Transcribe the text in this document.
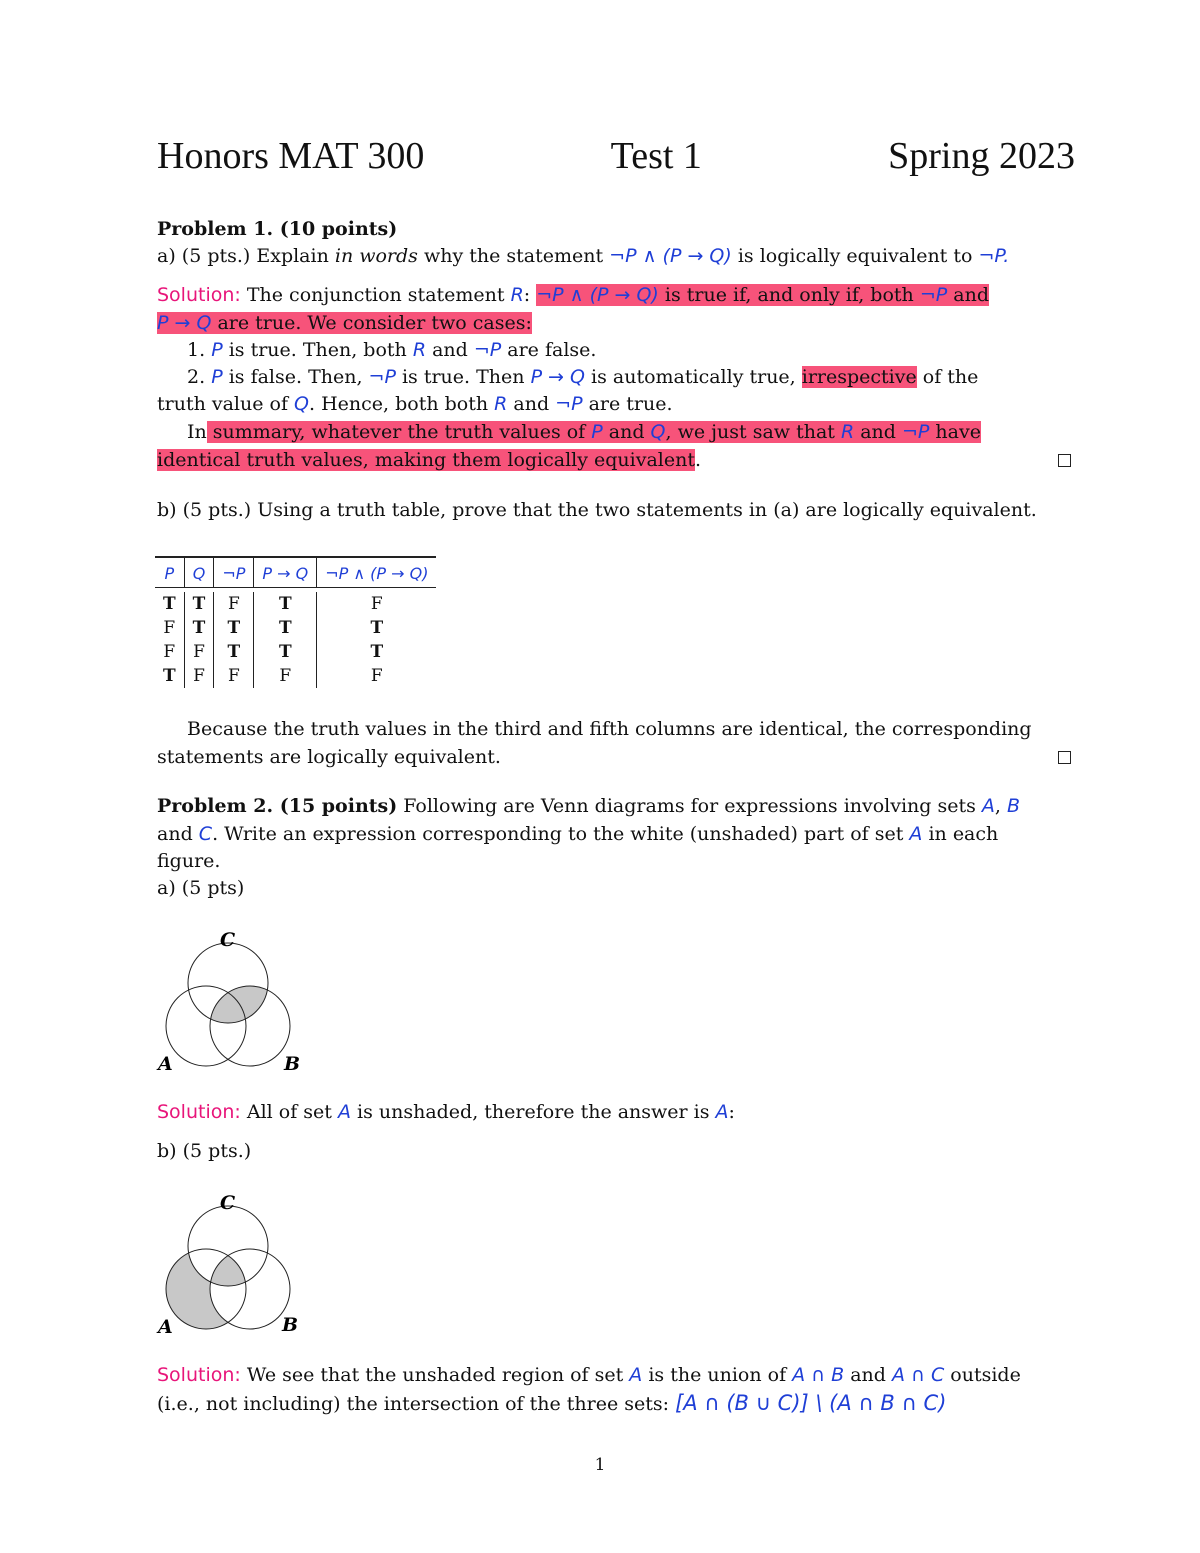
Honors MAT 300	Test 1	Spring 2023
Problem 1. (10 points)
a) (5 pts.) Explain in words why the statement ¬P ∧ (P → Q) is logically equivalent to ¬P.
Solution: The conjunction statement R: ¬P ∧ (P → Q) is true if, and only if, both ¬P and
P → Q are true. We consider two cases:
1. P is true. Then, both R and ¬P are false.
2. P is false. Then, ¬P is true. Then P → Q is automatically true, irrespective of the
truth value of Q. Hence, both both R and ¬P are true.
In summary, whatever the truth values of P and Q, we just saw that R and ¬P have
identical truth values, making them logically equivalent.
b) (5 pts.) Using a truth table, prove that the two statements in (a) are logically equivalent.
P	Q	¬P	P → Q	¬P ∧ (P → Q)

T	T	F	T	F
F	T	T	T	T
F	F	T	T	T
T	F	F	F	F
Because the truth values in the third and fifth columns are identical, the corresponding
statements are logically equivalent.
Problem 2. (15 points) Following are Venn diagrams for expressions involving sets A, B
and C. Write an expression corresponding to the white (unshaded) part of set A in each
figure.
a) (5 pts)
C
A	B
Solution: All of set A is unshaded, therefore the answer is A:
b) (5 pts.)
C
A	B
Solution: We see that the unshaded region of set A is the union of A ∩ B and A ∩ C outside
(i.e., not including) the intersection of the three sets: [A ∩ (B ∪ C)] \ (A ∩ B ∩ C)
1
